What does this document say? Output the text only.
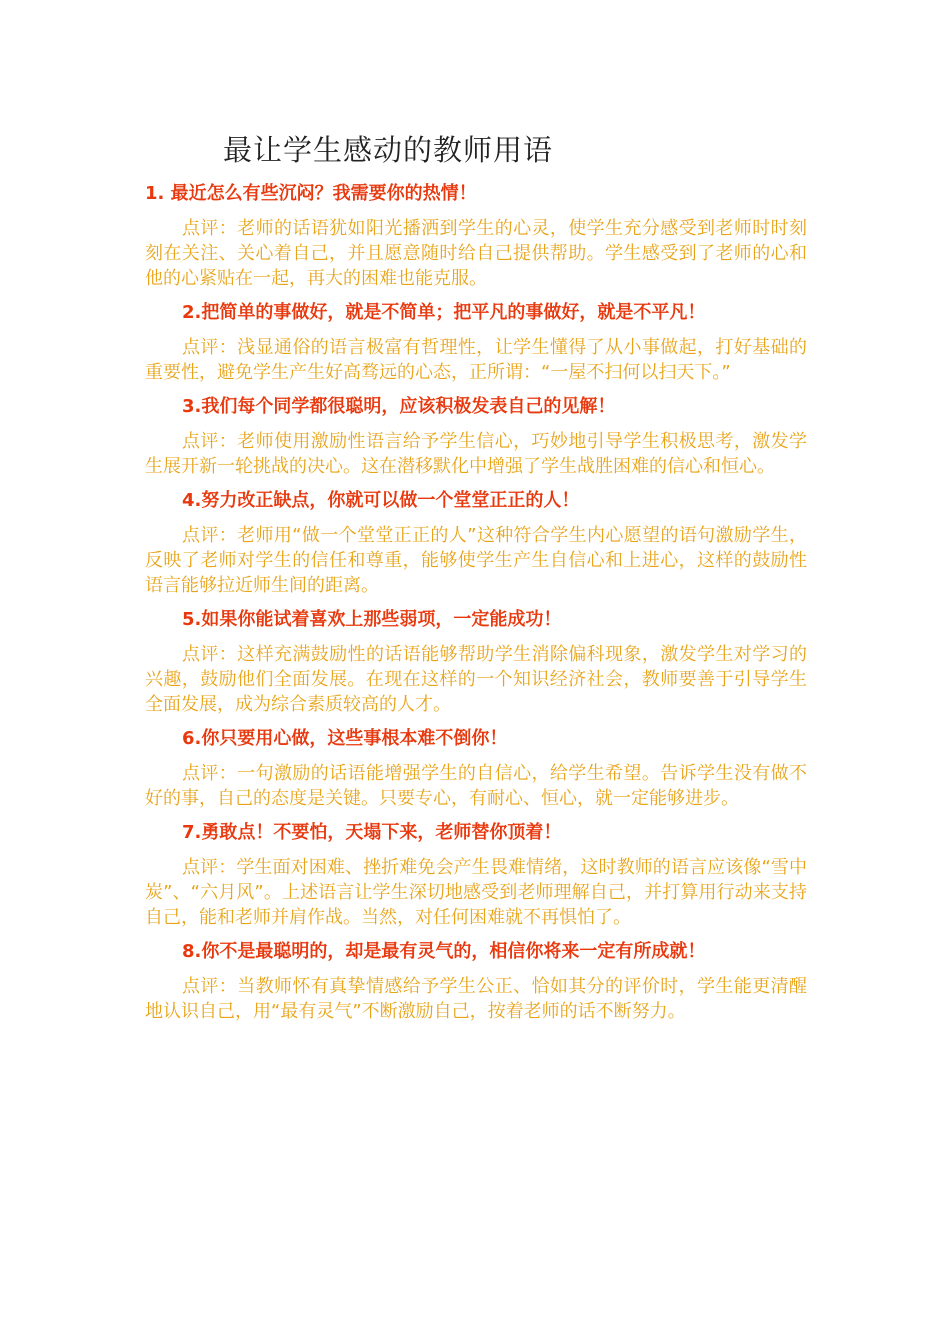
最让学生感动的教师用语

1. 最近怎么有些沉闷？我需要你的热情！

点评：老师的话语犹如阳光播洒到学生的心灵，使学生充分感受到老师时时刻刻在关注、关心着自己，并且愿意随时给自己提供帮助。学生感受到了老师的心和他的心紧贴在一起，再大的困难也能克服。

2.把简单的事做好，就是不简单；把平凡的事做好，就是不平凡！

点评：浅显通俗的语言极富有哲理性，让学生懂得了从小事做起，打好基础的重要性，避免学生产生好高骛远的心态，正所谓：“一屋不扫何以扫天下。”

3.我们每个同学都很聪明，应该积极发表自己的见解！

点评：老师使用激励性语言给予学生信心，巧妙地引导学生积极思考，激发学生展开新一轮挑战的决心。这在潜移默化中增强了学生战胜困难的信心和恒心。

4.努力改正缺点，你就可以做一个堂堂正正的人！

点评：老师用“做一个堂堂正正的人”这种符合学生内心愿望的语句激励学生，反映了老师对学生的信任和尊重，能够使学生产生自信心和上进心，这样的鼓励性语言能够拉近师生间的距离。

5.如果你能试着喜欢上那些弱项，一定能成功！

点评：这样充满鼓励性的话语能够帮助学生消除偏科现象，激发学生对学习的兴趣，鼓励他们全面发展。在现在这样的一个知识经济社会，教师要善于引导学生全面发展，成为综合素质较高的人才。

6.你只要用心做，这些事根本难不倒你！

点评：一句激励的话语能增强学生的自信心，给学生希望。告诉学生没有做不好的事，自己的态度是关键。只要专心，有耐心、恒心，就一定能够进步。

7.勇敢点！不要怕，天塌下来，老师替你顶着！

点评：学生面对困难、挫折难免会产生畏难情绪，这时教师的语言应该像“雪中炭”、“六月风”。上述语言让学生深切地感受到老师理解自己，并打算用行动来支持自己，能和老师并肩作战。当然，对任何困难就不再惧怕了。

8.你不是最聪明的，却是最有灵气的，相信你将来一定有所成就！

点评：当教师怀有真挚情感给予学生公正、恰如其分的评价时，学生能更清醒地认识自己，用“最有灵气”不断激励自己，按着老师的话不断努力。
